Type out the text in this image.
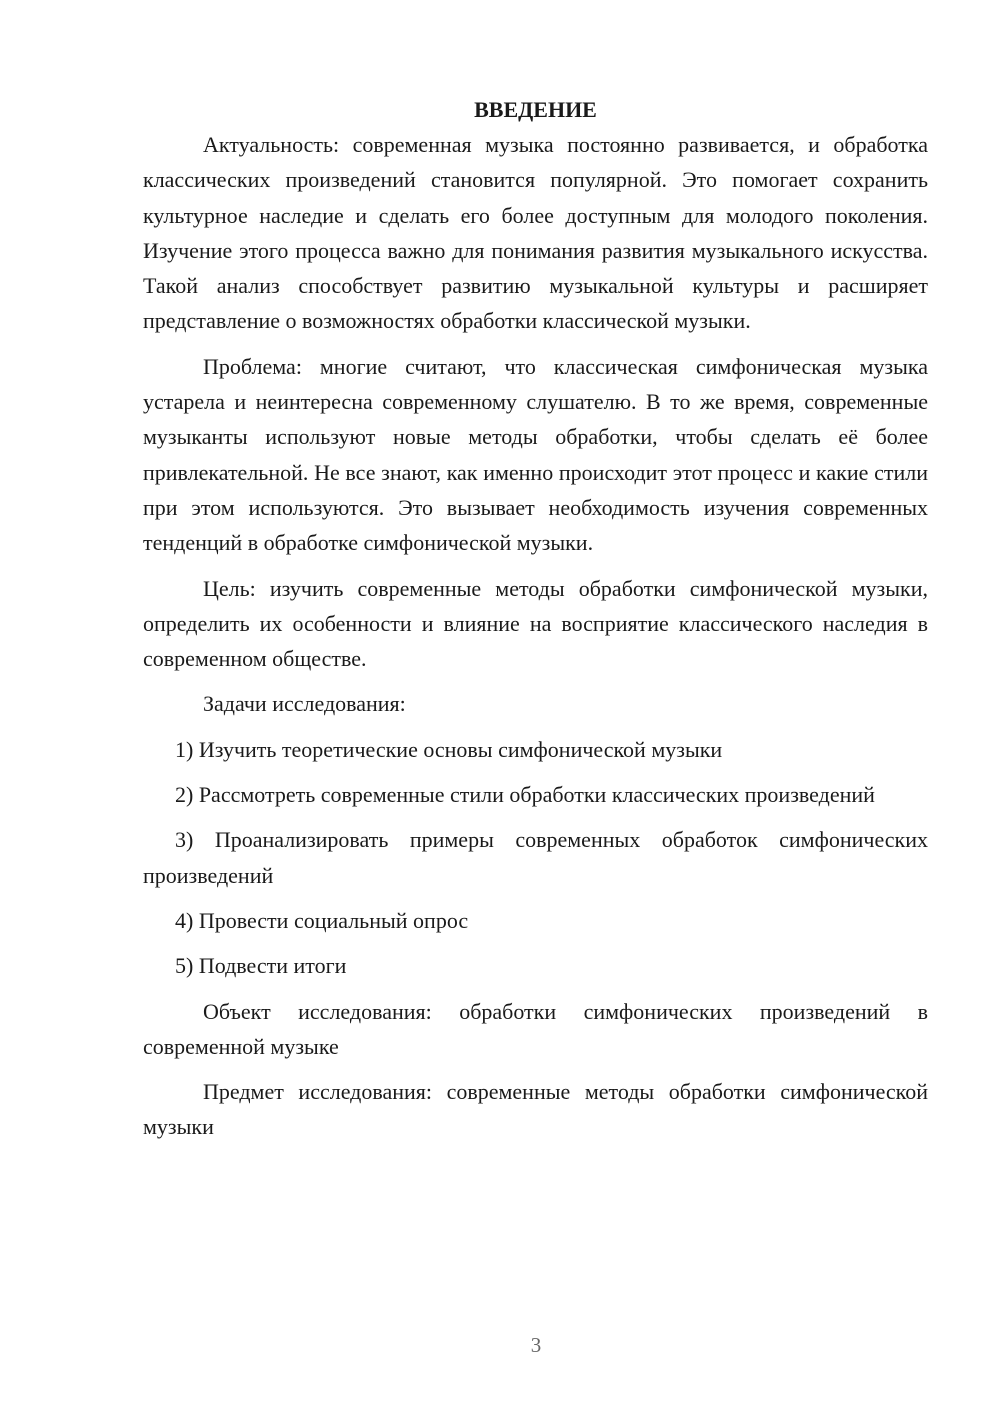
ВВЕДЕНИЕ

Актуальность: современная музыка постоянно развивается, и обработка классических произведений становится популярной. Это помогает сохранить культурное наследие и сделать его более доступным для молодого поколения. Изучение этого процесса важно для понимания развития музыкального искусства. Такой анализ способствует развитию музыкальной культуры и расширяет представление о возможностях обработки классической музыки.

Проблема: многие считают, что классическая симфоническая музыка устарела и неинтересна современному слушателю. В то же время, современные музыканты используют новые методы обработки, чтобы сделать её более привлекательной. Не все знают, как именно происходит этот процесс и какие стили при этом используются. Это вызывает необходимость изучения современных тенденций в обработке симфонической музыки.

Цель: изучить современные методы обработки симфонической музыки, определить их особенности и влияние на восприятие классического наследия в современном обществе.

Задачи исследования:

1) Изучить теоретические основы симфонической музыки

2) Рассмотреть современные стили обработки классических произведений

3) Проанализировать примеры современных обработок симфонических произведений

4) Провести социальный опрос

5) Подвести итоги

Объект исследования: обработки симфонических произведений в современной музыке

Предмет исследования: современные методы обработки симфонической музыки

3
